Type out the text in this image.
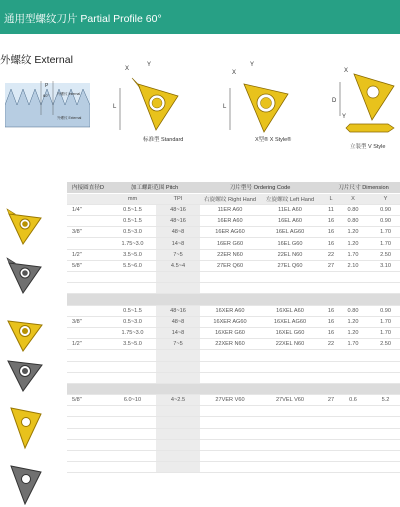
通用型螺纹刀片 Partial Profile 60°
外螺纹 External
P
60° 内螺纹 Internal
外螺纹 External
X
Y
L
标准型 Standard
X
Y
L
X型® X Style®
X
D
Y
立装型 V Style
内接圆直径D	加工螺距范围 Pitch		刀片型号 Ordering Code		刀片尺寸 Dimension		
	mm	TPI	右旋螺纹 Right Hand	左旋螺纹 Left Hand	L	X	Y
1/4"	0.5~1.5	48~16	11ER A60	11EL A60	11	0.80	0.90
	0.5~1.5	48~16	16ER A60	16EL A60	16	0.80	0.90
3/8"	0.5~3.0	48~8	16ER AG60	16EL AG60	16	1.20	1.70
	1.75~3.0	14~8	16ER G60	16EL G60	16	1.20	1.70
1/2"	3.5~5.0	7~5	22ER N60	22EL N60	22	1.70	2.50
5/8"	5.5~6.0	4.5~4	27ER Q60	27EL Q60	27	2.10	3.10

	0.5~1.5	48~16	16XER A60	16XEL A60	16	0.80	0.90
3/8"	0.5~3.0	48~8	16XER AG60	16XEL AG60	16	1.20	1.70
	1.75~3.0	14~8	16XER G60	16XEL G60	16	1.20	1.70
1/2"	3.5~5.0	7~5	22XER N60	22XEL N60	22	1.70	2.50

5/8"	6.0~10	4~2.5	27VER V60	27VEL V60	27	0.6	5.2
